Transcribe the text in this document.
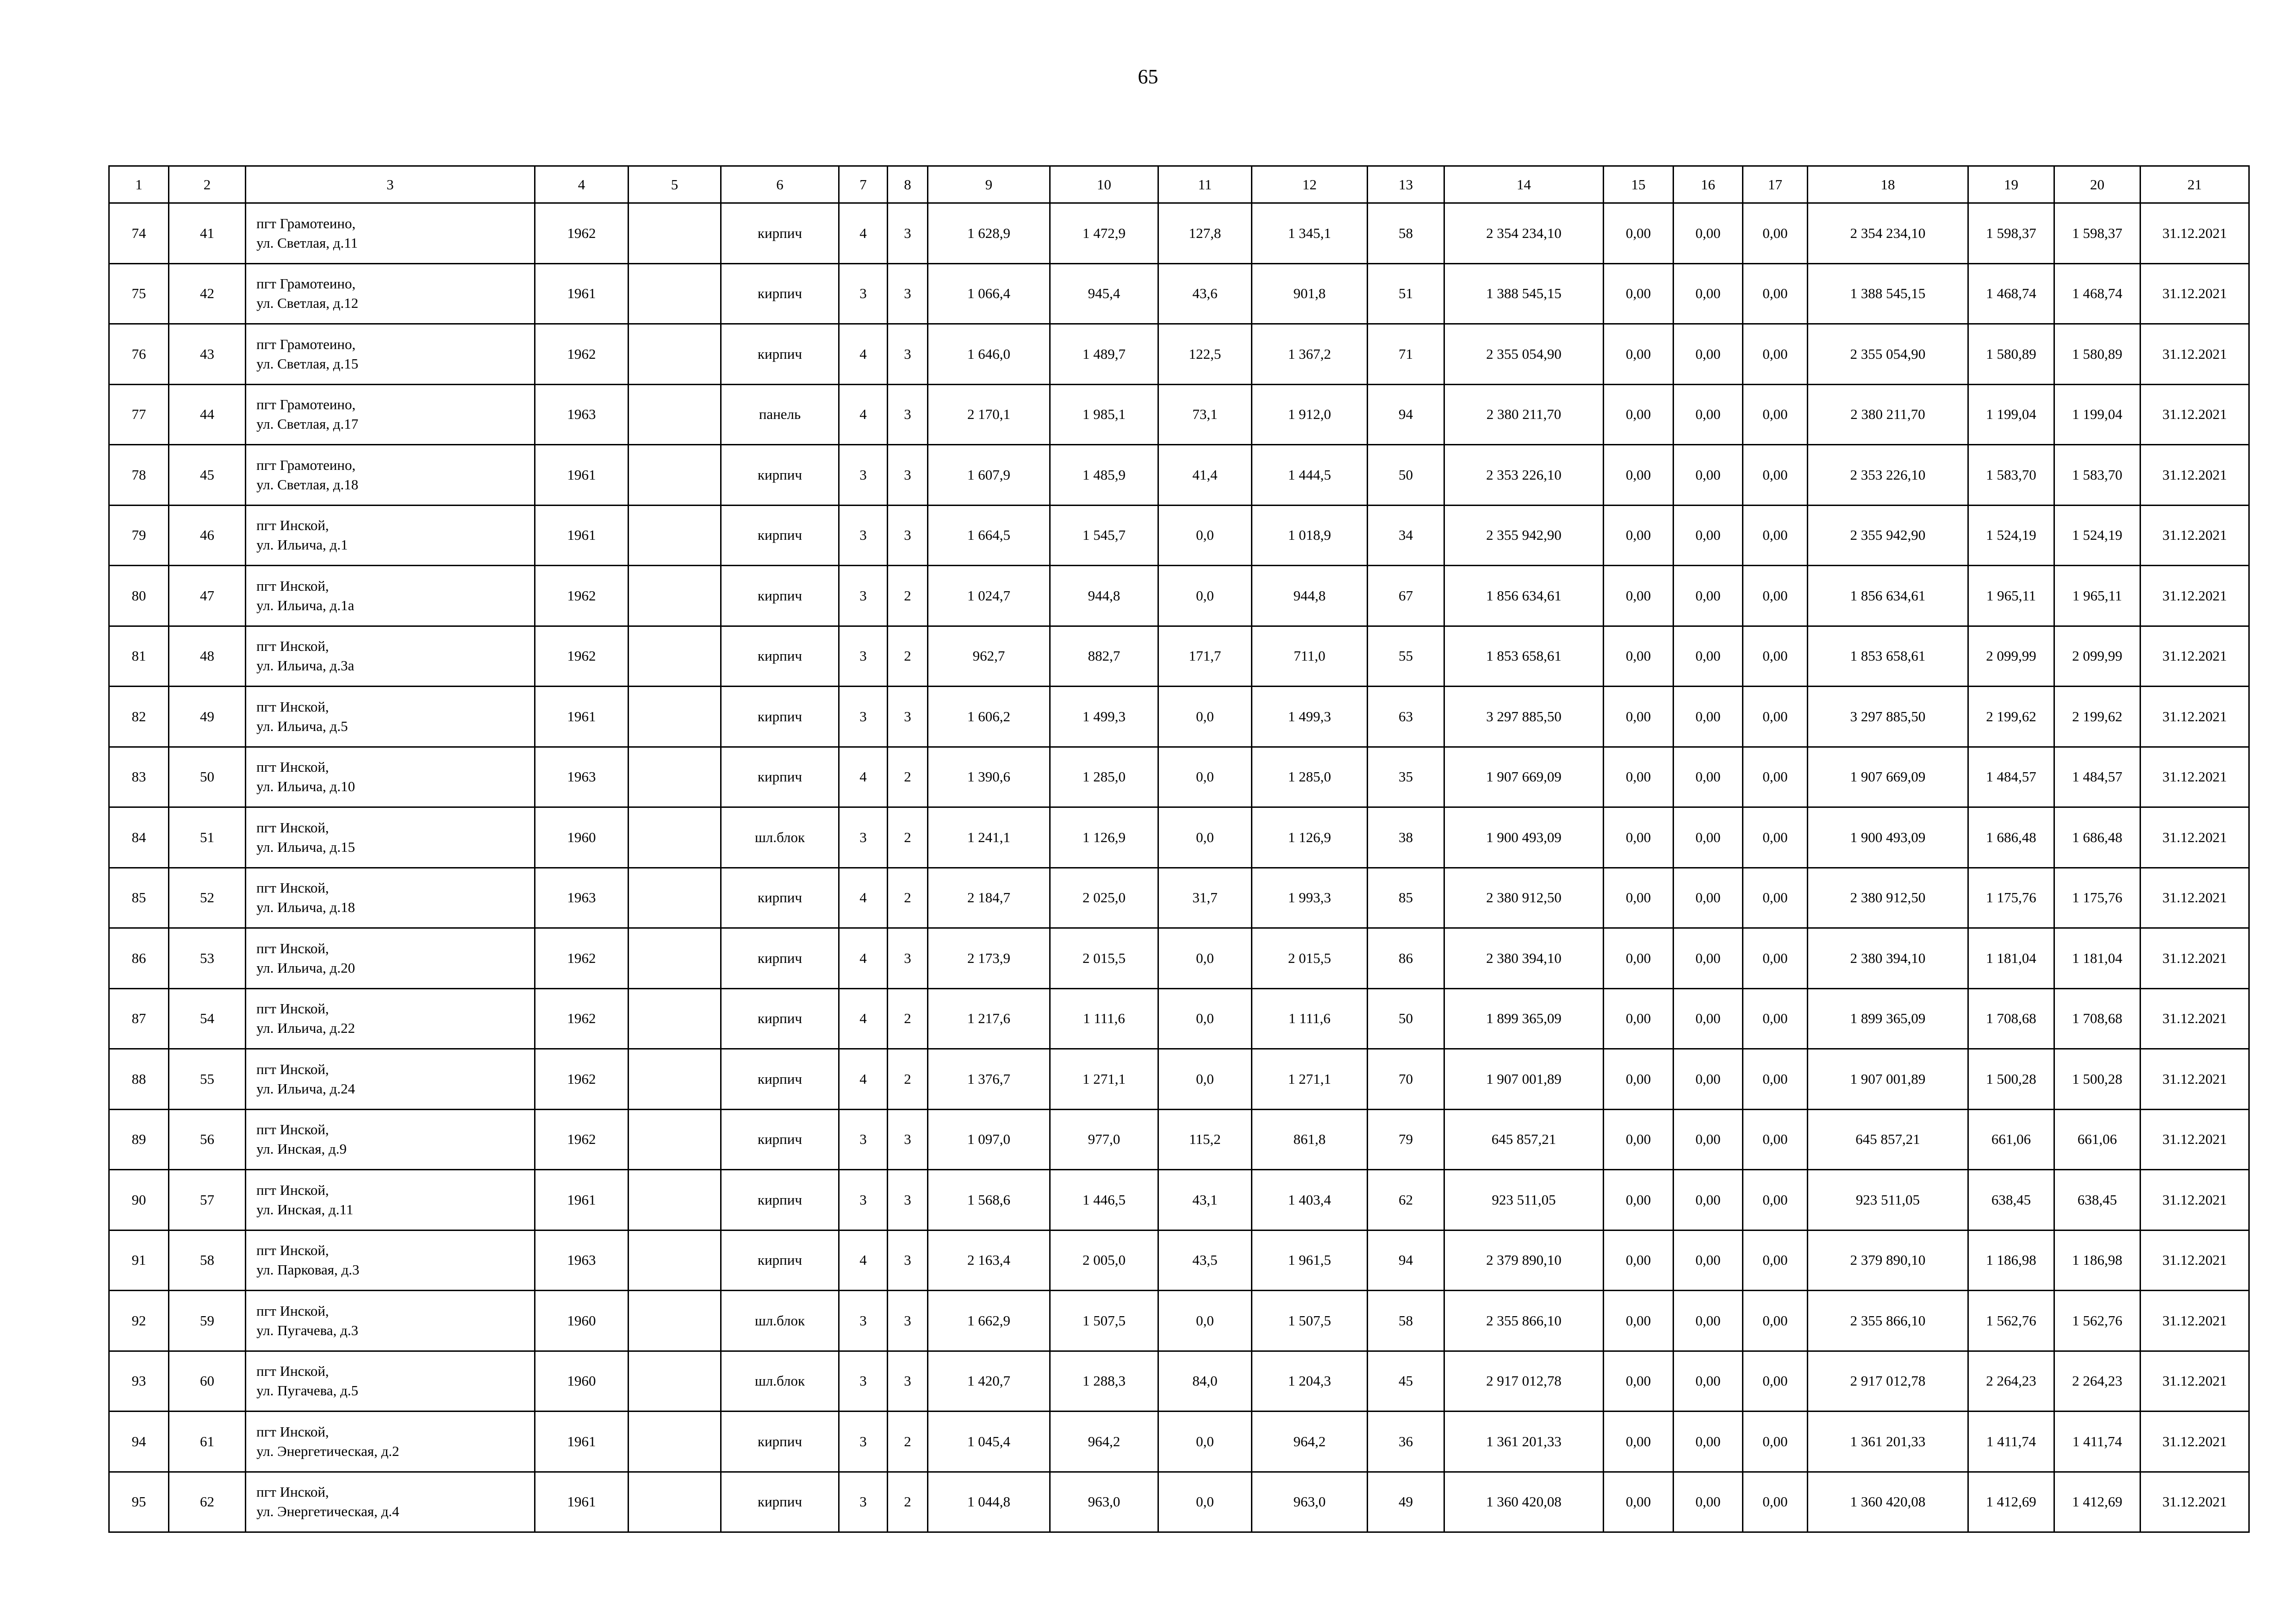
65
1	2	3	4	5	6	7	8	9	10	11	12	13	14	15	16	17	18	19	20	21
74	41	пгт Грамотеино,
ул. Светлая, д.11	1962		кирпич	4	3	1 628,9	1 472,9	127,8	1 345,1	58	2 354 234,10	0,00	0,00	0,00	2 354 234,10	1 598,37	1 598,37	31.12.2021
75	42	пгт Грамотеино,
ул. Светлая, д.12	1961		кирпич	3	3	1 066,4	945,4	43,6	901,8	51	1 388 545,15	0,00	0,00	0,00	1 388 545,15	1 468,74	1 468,74	31.12.2021
76	43	пгт Грамотеино,
ул. Светлая, д.15	1962		кирпич	4	3	1 646,0	1 489,7	122,5	1 367,2	71	2 355 054,90	0,00	0,00	0,00	2 355 054,90	1 580,89	1 580,89	31.12.2021
77	44	пгт Грамотеино,
ул. Светлая, д.17	1963		панель	4	3	2 170,1	1 985,1	73,1	1 912,0	94	2 380 211,70	0,00	0,00	0,00	2 380 211,70	1 199,04	1 199,04	31.12.2021
78	45	пгт Грамотеино,
ул. Светлая, д.18	1961		кирпич	3	3	1 607,9	1 485,9	41,4	1 444,5	50	2 353 226,10	0,00	0,00	0,00	2 353 226,10	1 583,70	1 583,70	31.12.2021
79	46	пгт Инской,
ул. Ильича, д.1	1961		кирпич	3	3	1 664,5	1 545,7	0,0	1 018,9	34	2 355 942,90	0,00	0,00	0,00	2 355 942,90	1 524,19	1 524,19	31.12.2021
80	47	пгт Инской,
ул. Ильича, д.1а	1962		кирпич	3	2	1 024,7	944,8	0,0	944,8	67	1 856 634,61	0,00	0,00	0,00	1 856 634,61	1 965,11	1 965,11	31.12.2021
81	48	пгт Инской,
ул. Ильича, д.3а	1962		кирпич	3	2	962,7	882,7	171,7	711,0	55	1 853 658,61	0,00	0,00	0,00	1 853 658,61	2 099,99	2 099,99	31.12.2021
82	49	пгт Инской,
ул. Ильича, д.5	1961		кирпич	3	3	1 606,2	1 499,3	0,0	1 499,3	63	3 297 885,50	0,00	0,00	0,00	3 297 885,50	2 199,62	2 199,62	31.12.2021
83	50	пгт Инской,
ул. Ильича, д.10	1963		кирпич	4	2	1 390,6	1 285,0	0,0	1 285,0	35	1 907 669,09	0,00	0,00	0,00	1 907 669,09	1 484,57	1 484,57	31.12.2021
84	51	пгт Инской,
ул. Ильича, д.15	1960		шл.блок	3	2	1 241,1	1 126,9	0,0	1 126,9	38	1 900 493,09	0,00	0,00	0,00	1 900 493,09	1 686,48	1 686,48	31.12.2021
85	52	пгт Инской,
ул. Ильича, д.18	1963		кирпич	4	2	2 184,7	2 025,0	31,7	1 993,3	85	2 380 912,50	0,00	0,00	0,00	2 380 912,50	1 175,76	1 175,76	31.12.2021
86	53	пгт Инской,
ул. Ильича, д.20	1962		кирпич	4	3	2 173,9	2 015,5	0,0	2 015,5	86	2 380 394,10	0,00	0,00	0,00	2 380 394,10	1 181,04	1 181,04	31.12.2021
87	54	пгт Инской,
ул. Ильича, д.22	1962		кирпич	4	2	1 217,6	1 111,6	0,0	1 111,6	50	1 899 365,09	0,00	0,00	0,00	1 899 365,09	1 708,68	1 708,68	31.12.2021
88	55	пгт Инской,
ул. Ильича, д.24	1962		кирпич	4	2	1 376,7	1 271,1	0,0	1 271,1	70	1 907 001,89	0,00	0,00	0,00	1 907 001,89	1 500,28	1 500,28	31.12.2021
89	56	пгт Инской,
ул. Инская, д.9	1962		кирпич	3	3	1 097,0	977,0	115,2	861,8	79	645 857,21	0,00	0,00	0,00	645 857,21	661,06	661,06	31.12.2021
90	57	пгт Инской,
ул. Инская, д.11	1961		кирпич	3	3	1 568,6	1 446,5	43,1	1 403,4	62	923 511,05	0,00	0,00	0,00	923 511,05	638,45	638,45	31.12.2021
91	58	пгт Инской,
ул. Парковая, д.3	1963		кирпич	4	3	2 163,4	2 005,0	43,5	1 961,5	94	2 379 890,10	0,00	0,00	0,00	2 379 890,10	1 186,98	1 186,98	31.12.2021
92	59	пгт Инской,
ул. Пугачева, д.3	1960		шл.блок	3	3	1 662,9	1 507,5	0,0	1 507,5	58	2 355 866,10	0,00	0,00	0,00	2 355 866,10	1 562,76	1 562,76	31.12.2021
93	60	пгт Инской,
ул. Пугачева, д.5	1960		шл.блок	3	3	1 420,7	1 288,3	84,0	1 204,3	45	2 917 012,78	0,00	0,00	0,00	2 917 012,78	2 264,23	2 264,23	31.12.2021
94	61	пгт Инской,
ул. Энергетическая, д.2	1961		кирпич	3	2	1 045,4	964,2	0,0	964,2	36	1 361 201,33	0,00	0,00	0,00	1 361 201,33	1 411,74	1 411,74	31.12.2021
95	62	пгт Инской,
ул. Энергетическая, д.4	1961		кирпич	3	2	1 044,8	963,0	0,0	963,0	49	1 360 420,08	0,00	0,00	0,00	1 360 420,08	1 412,69	1 412,69	31.12.2021
